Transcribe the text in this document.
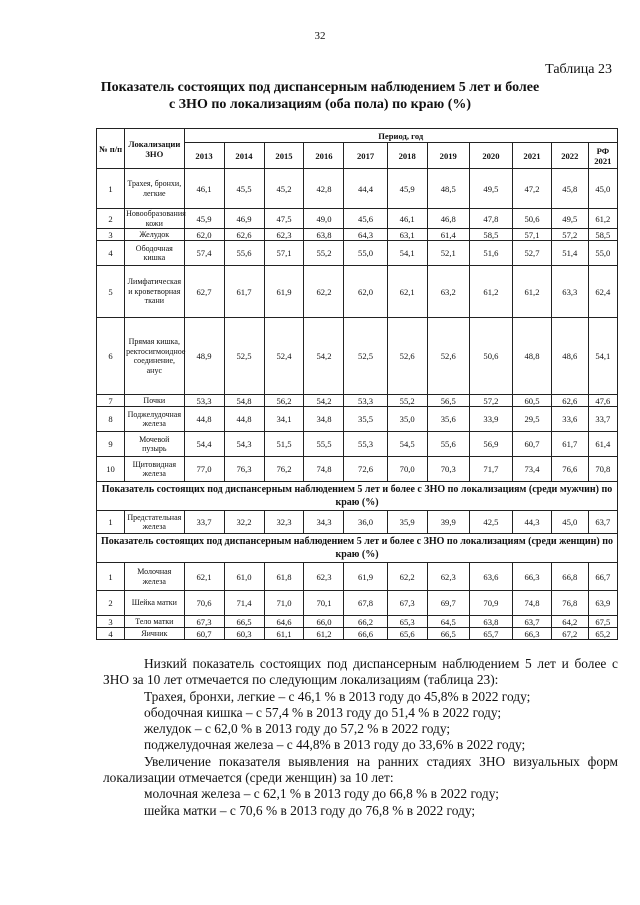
32
Таблица 23
Показатель состоящих под диспансерным наблюдением 5 лет и более с ЗНО по локализациям (оба пола) по краю (%)
№ п/п	Локализации ЗНО	Период, год										
		2013	2014	2015	2016	2017	2018	2019	2020	2021	2022	РФ 2021
1	Трахея, бронхи, легкие	46,1	45,5	45,2	42,8	44,4	45,9	48,5	49,5	47,2	45,8	45,0
2	Новообразования кожи	45,9	46,9	47,5	49,0	45,6	46,1	46,8	47,8	50,6	49,5	61,2
3	Желудок	62,0	62,6	62,3	63,8	64,3	63,1	61,4	58,5	57,1	57,2	58,5
4	Ободочная кишка	57,4	55,6	57,1	55,2	55,0	54,1	52,1	51,6	52,7	51,4	55,0
5	Лимфатическая и кроветворная ткани	62,7	61,7	61,9	62,2	62,0	62,1	63,2	61,2	61,2	63,3	62,4
6	Прямая кишка, ректосигмоидное соединение, анус	48,9	52,5	52,4	54,2	52,5	52,6	52,6	50,6	48,8	48,6	54,1
7	Почки	53,3	54,8	56,2	54,2	53,3	55,2	56,5	57,2	60,5	62,6	47,6
8	Поджелудочная железа	44,8	44,8	34,1	34,8	35,5	35,0	35,6	33,9	29,5	33,6	33,7
9	Мочевой пузырь	54,4	54,3	51,5	55,5	55,3	54,5	55,6	56,9	60,7	61,7	61,4
10	Щитовидная железа	77,0	76,3	76,2	74,8	72,6	70,0	70,3	71,7	73,4	76,6	70,8
Показатель состоящих под диспансерным наблюдением 5 лет и более с ЗНО по локализациям (среди мужчин) по краю (%)												
1	Предстательная железа	33,7	32,2	32,3	34,3	36,0	35,9	39,9	42,5	44,3	45,0	63,7
Показатель состоящих под диспансерным наблюдением 5 лет и более с ЗНО по локализациям (среди женщин) по краю (%)												
1	Молочная железа	62,1	61,0	61,8	62,3	61,9	62,2	62,3	63,6	66,3	66,8	66,7
2	Шейка матки	70,6	71,4	71,0	70,1	67,8	67,3	69,7	70,9	74,8	76,8	63,9
3	Тело матки	67,3	66,5	64,6	66,0	66,2	65,3	64,5	63,8	63,7	64,2	67,5
4	Яичник	60,7	60,3	61,1	61,2	66,6	65,6	66,5	65,7	66,3	67,2	65,2

Низкий показатель состоящих под диспансерным наблюдением 5 лет и более с ЗНО за 10 лет отмечается по следующим локализациям (таблица 23):

Трахея, бронхи, легкие – с 46,1 % в 2013 году до 45,8% в 2022 году;

ободочная кишка – с 57,4 % в 2013 году до 51,4 % в 2022 году;

желудок – с 62,0 % в 2013 году до 57,2 % в 2022 году;

поджелудочная железа – с 44,8% в 2013 году до 33,6% в 2022 году;

Увеличение показателя выявления на ранних стадиях ЗНО визуальных форм локализации отмечается (среди женщин) за 10 лет:

молочная железа – с 62,1 % в 2013 году до 66,8 % в 2022 году;

шейка матки – с 70,6 % в 2013 году до 76,8 % в 2022 году;
